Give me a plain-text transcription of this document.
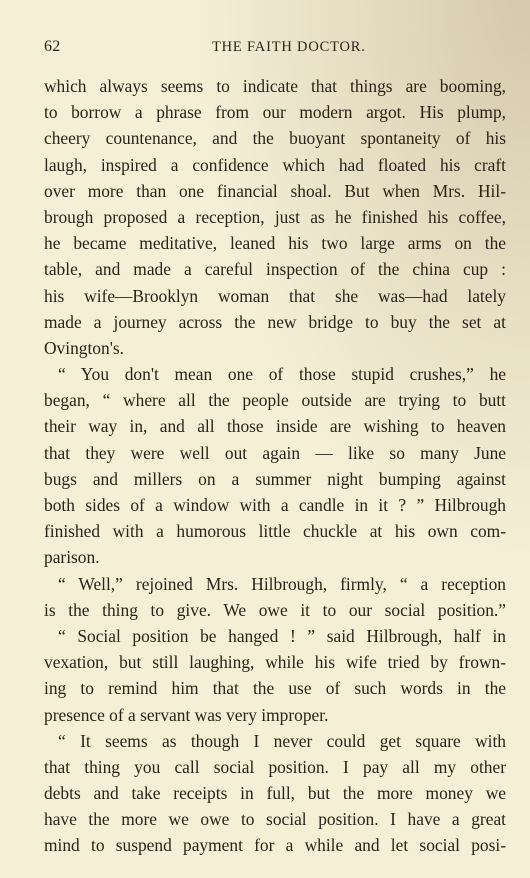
62	THE FAITH DOCTOR.
which always seems to indicate that things are booming,
to borrow a phrase from our modern argot. His plump,
cheery countenance, and the buoyant spontaneity of his
laugh, inspired a confidence which had floated his craft
over more than one financial shoal. But when Mrs. Hil-
brough proposed a reception, just as he finished his coffee,
he became meditative, leaned his two large arms on the
table, and made a careful inspection of the china cup :
his wife—Brooklyn woman that she was—had lately
made a journey across the new bridge to buy the set at
Ovington's.
“ You don't mean one of those stupid crushes,” he
began, “ where all the people outside are trying to butt
their way in, and all those inside are wishing to heaven
that they were well out again — like so many June
bugs and millers on a summer night bumping against
both sides of a window with a candle in it ? ” Hilbrough
finished with a humorous little chuckle at his own com-
parison.
“ Well,” rejoined Mrs. Hilbrough, firmly, “ a reception
is the thing to give. We owe it to our social position.”
“ Social position be hanged ! ” said Hilbrough, half in
vexation, but still laughing, while his wife tried by frown-
ing to remind him that the use of such words in the
presence of a servant was very improper.
“ It seems as though I never could get square with
that thing you call social position. I pay all my other
debts and take receipts in full, but the more money we
have the more we owe to social position. I have a great
mind to suspend payment for a while and let social posi-
